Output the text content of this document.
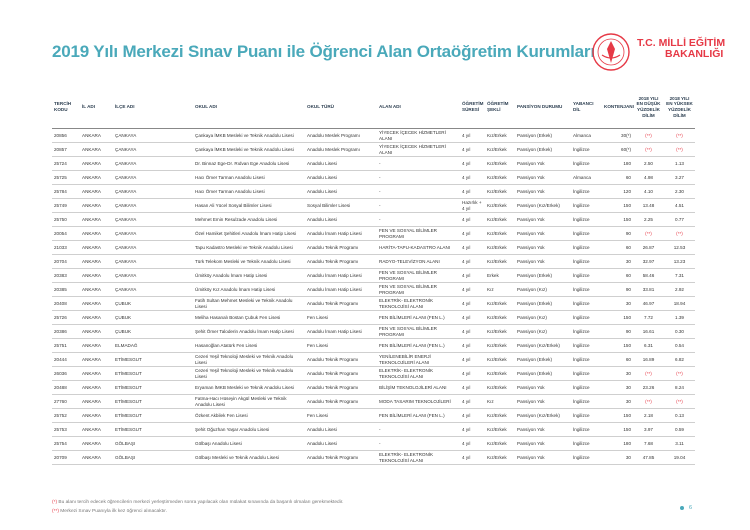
2019 Yılı Merkezi Sınav Puanı ile Öğrenci Alan Ortaöğretim Kurumları	T.C. MİLLİ EĞİTİM
BAKANLIĞI
TERCİH KODU	İL ADI	İLÇE ADI	OKUL ADI	OKUL TÜRÜ	ALAN ADI	ÖĞRETİM SÜRESİ	ÖĞRETİM ŞEKLİ	PANSİYON DURUMU	YABANCI DİL	KONTENJANI	2018 YILI EN DÜŞÜK YÜZDELİK DİLİM	2018 YILI EN YÜKSEK YÜZDELİK DİLİM
20856	ANKARA	ÇANKAYA	Çankaya İMKB Mesleki ve Teknik Anadolu Lisesi	Anadolu Meslek Programı	YİYECEK İÇECEK HİZMETLERİ ALANI	4 yıl	Kız/Erkek	Pansiyon (Erkek)	Almanca	30(*)	(**)	(**)
20857	ANKARA	ÇANKAYA	Çankaya İMKB Mesleki ve Teknik Anadolu Lisesi	Anadolu Meslek Programı	YİYECEK İÇECEK HİZMETLERİ ALANI	4 yıl	Kız/Erkek	Pansiyon (Erkek)	İngilizce	60(*)	(**)	(**)
25724	ANKARA	ÇANKAYA	Dr. Binnaz Ege-Dr. Rıdvan Ege Anadolu Lisesi	Anadolu Lisesi	-	4 yıl	Kız/Erkek	Pansiyon Yok	İngilizce	180	2.50	1.13
25725	ANKARA	ÇANKAYA	Hacı Ömer Tarman Anadolu Lisesi	Anadolu Lisesi	-	4 yıl	Kız/Erkek	Pansiyon Yok	Almanca	60	4.98	3.27
25784	ANKARA	ÇANKAYA	Hacı Ömer Tarman Anadolu Lisesi	Anadolu Lisesi	-	4 yıl	Kız/Erkek	Pansiyon Yok	İngilizce	120	4.10	2.30
25749	ANKARA	ÇANKAYA	Hasan Ali Yücel Sosyal Bilimler Lisesi	Sosyal Bilimler Lisesi	-	Hazırlık + 4 yıl	Kız/Erkek	Pansiyon (Kız/Erkek)	İngilizce	150	13.48	4.51
25750	ANKARA	ÇANKAYA	Mehmet Emin Resulzade Anadolu Lisesi	Anadolu Lisesi	-	4 yıl	Kız/Erkek	Pansiyon Yok	İngilizce	150	2.25	0.77
20054	ANKARA	ÇANKAYA	Özel Hamiket Şehitleri Anadolu İmam Hatip Lisesi	Anadolu İmam Hatip Lisesi	FEN VE SOSYAL BİLİMLER PROGRAMI	4 yıl	Kız/Erkek	Pansiyon Yok	İngilizce	90	(**)	(**)
21033	ANKARA	ÇANKAYA	Tapu Kadastro Mesleki ve Teknik Anadolu Lisesi	Anadolu Teknik Programı	HARİTA-TAPU-KADASTRO ALANI	4 yıl	Kız/Erkek	Pansiyon Yok	İngilizce	60	26.87	12.53
20704	ANKARA	ÇANKAYA	Türk Telekom Mesleki ve Teknik Anadolu Lisesi	Anadolu Teknik Programı	RADYO-TELEVİZYON ALANI	4 yıl	Kız/Erkek	Pansiyon Yok	İngilizce	30	32.97	13.23
20383	ANKARA	ÇANKAYA	Ümitköy Anadolu İmam Hatip Lisesi	Anadolu İmam Hatip Lisesi	FEN VE SOSYAL BİLİMLER PROGRAMI	4 yıl	Erkek	Pansiyon (Erkek)	İngilizce	60	58.46	7.31
20385	ANKARA	ÇANKAYA	Ümitköy Kız Anadolu İmam Hatip Lisesi	Anadolu İmam Hatip Lisesi	FEN VE SOSYAL BİLİMLER PROGRAMI	4 yıl	Kız	Pansiyon (Kız)	İngilizce	90	33.81	2.92
20408	ANKARA	ÇUBUK	Fatih Sultan Mehmet Mesleki ve Teknik Anadolu Lisesi	Anadolu Teknik Programı	ELEKTRİK- ELEKTRONİK TEKNOLOJİSİ ALANI	4 yıl	Kız/Erkek	Pansiyon (Erkek)	İngilizce	30	46.97	18.94
25726	ANKARA	ÇUBUK	Meliha Hasanalı Bostan Çubuk Fen Lisesi	Fen Lisesi	FEN BİLİMLERİ ALANI (FEN L.)	4 yıl	Kız/Erkek	Pansiyon (Kız)	İngilizce	150	7.72	1.39
20386	ANKARA	ÇUBUK	Şehit Ömer Taloderin Anadolu İmam Hatip Lisesi	Anadolu İmam Hatip Lisesi	FEN VE SOSYAL BİLİMLER PROGRAMI	4 yıl	Kız/Erkek	Pansiyon (Kız)	İngilizce	90	16.61	0.30
25751	ANKARA	ELMADAĞ	Hasanoğlan Atatürk Fen Lisesi	Fen Lisesi	FEN BİLİMLERİ ALANI (FEN L.)	4 yıl	Kız/Erkek	Pansiyon (Kız/Erkek)	İngilizce	150	6.31	0.54
20444	ANKARA	ETİMESGUT	Cezeri Yeşil Teknoloji Mesleki ve Teknik Anadolu Lisesi	Anadolu Teknik Programı	YENİLENEBİLİR ENERJİ TEKNOLOJİLERİ ALANI	4 yıl	Kız/Erkek	Pansiyon (Erkek)	İngilizce	60	16.89	6.82
26036	ANKARA	ETİMESGUT	Cezeri Yeşil Teknoloji Mesleki ve Teknik Anadolu Lisesi	Anadolu Teknik Programı	ELEKTRİK- ELEKTRONİK TEKNOLOJİSİ ALANI	4 yıl	Kız/Erkek	Pansiyon (Erkek)	İngilizce	30	(**)	(**)
20488	ANKARA	ETİMESGUT	Eryaman İMKB Mesleki ve Teknik Anadolu Lisesi	Anadolu Teknik Programı	BİLİŞİM TEKNOLOJİLERİ ALANI	4 yıl	Kız/Erkek	Pansiyon Yok	İngilizce	30	23.26	8.24
27760	ANKARA	ETİMESGUT	Fatma-Hacı Hüseyin Akgül Mesleki ve Teknik Anadolu Lisesi	Anadolu Teknik Programı	MODA TASARIM TEKNOLOJİLERİ	4 yıl	Kız	Pansiyon Yok	İngilizce	30	(**)	(**)
25752	ANKARA	ETİMESGUT	Özkent Akbilek Fen Lisesi	Fen Lisesi	FEN BİLİMLERİ ALANI (FEN L.)	4 yıl	Kız/Erkek	Pansiyon (Kız/Erkek)	İngilizce	150	2.18	0.13
25753	ANKARA	ETİMESGUT	Şehit Oğuzhan Yaşar Anadolu Lisesi	Anadolu Lisesi	-	4 yıl	Kız/Erkek	Pansiyon Yok	İngilizce	150	3.97	0.59
25754	ANKARA	GÖLBAŞI	Gölbaşı Anadolu Lisesi	Anadolu Lisesi	-	4 yıl	Kız/Erkek	Pansiyon Yok	İngilizce	180	7.68	3.11
20709	ANKARA	GÖLBAŞI	Gölbaşı Mesleki ve Teknik Anadolu Lisesi	Anadolu Teknik Programı	ELEKTRİK- ELEKTRONİK TEKNOLOJİSİ ALANI	4 yıl	Kız/Erkek	Pansiyon Yok	İngilizce	30	47.85	19.04
(*) Bu alanı tercih edecek öğrencilerin merkezi yerleştirmeden sonra yapılacak olan mülakat sınavında da başarılı olmaları gerekmektedir.
(**) Merkezi Sınav Puanıyla ilk kez öğrenci alınacaktır.
6
